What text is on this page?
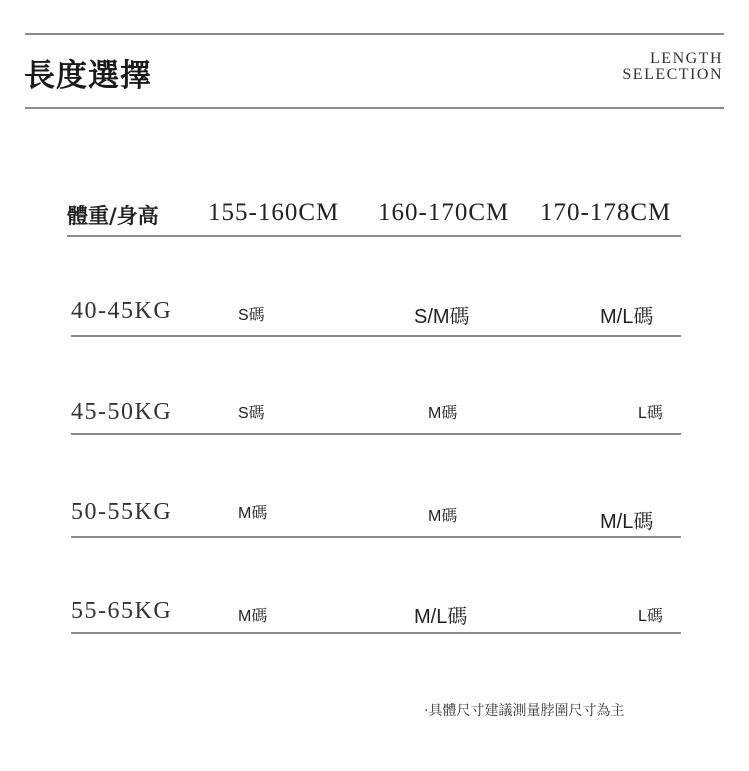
長度選擇	LENGTH
SELECTION
體重/身高 155-160CM 160-170CM 170-178CM
40-45KG	S碼	S/M碼	M/L碼
45-50KG	S碼	M碼	L碼
50-55KG	M碼	M碼	M/L碼
55-65KG	M碼	M/L碼	L碼
·具體尺寸建議測量脖圍尺寸為主
